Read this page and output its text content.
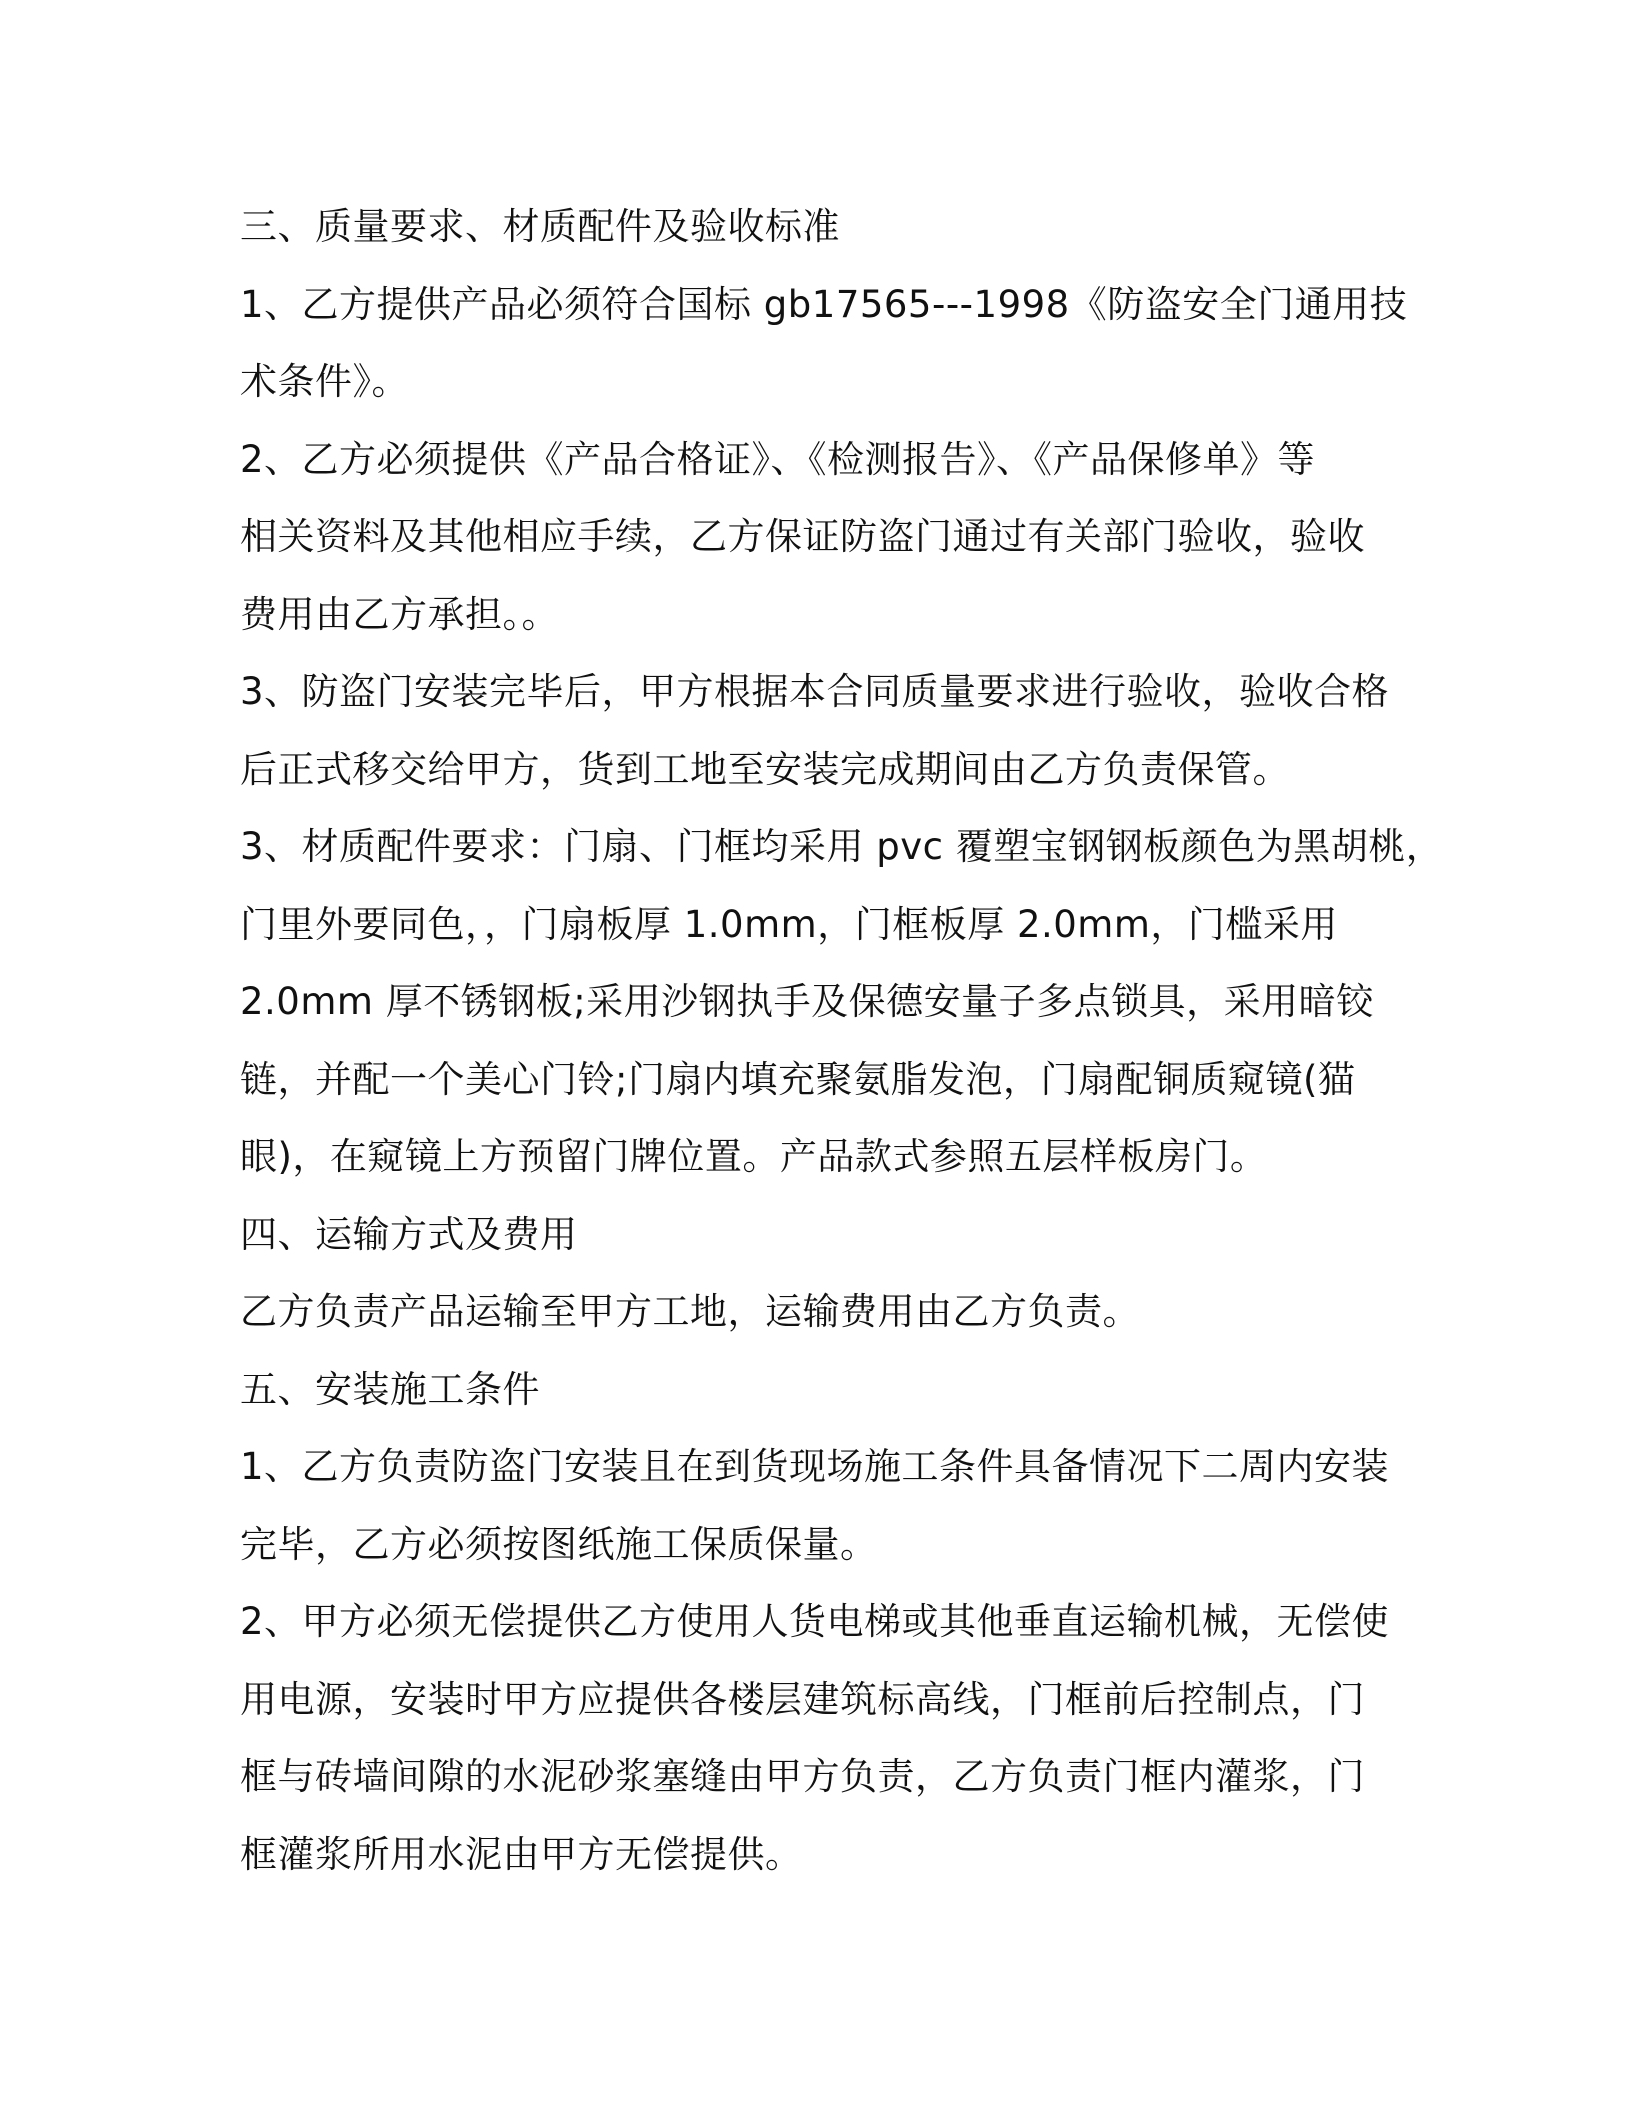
三、质量要求、材质配件及验收标准
1、乙方提供产品必须符合国标 gb17565---1998《防盗安全门通用技
术条件》。
2、乙方必须提供《产品合格证》、《检测报告》、《产品保修单》等
相关资料及其他相应手续，乙方保证防盗门通过有关部门验收，验收
费用由乙方承担。。
3、防盗门安装完毕后，甲方根据本合同质量要求进行验收，验收合格
后正式移交给甲方，货到工地至安装完成期间由乙方负责保管。
3、材质配件要求：门扇、门框均采用 pvc 覆塑宝钢钢板颜色为黑胡桃，
门里外要同色，，门扇板厚 1.0mm，门框板厚 2.0mm，门槛采用
2.0mm 厚不锈钢板;采用沙钢执手及保德安量子多点锁具，采用暗铰
链，并配一个美心门铃;门扇内填充聚氨脂发泡，门扇配铜质窥镜(猫
眼)，在窥镜上方预留门牌位置。产品款式参照五层样板房门。
四、运输方式及费用
乙方负责产品运输至甲方工地，运输费用由乙方负责。
五、安装施工条件
1、乙方负责防盗门安装且在到货现场施工条件具备情况下二周内安装
完毕，乙方必须按图纸施工保质保量。
2、甲方必须无偿提供乙方使用人货电梯或其他垂直运输机械，无偿使
用电源，安装时甲方应提供各楼层建筑标高线，门框前后控制点，门
框与砖墙间隙的水泥砂浆塞缝由甲方负责，乙方负责门框内灌浆，门
框灌浆所用水泥由甲方无偿提供。
